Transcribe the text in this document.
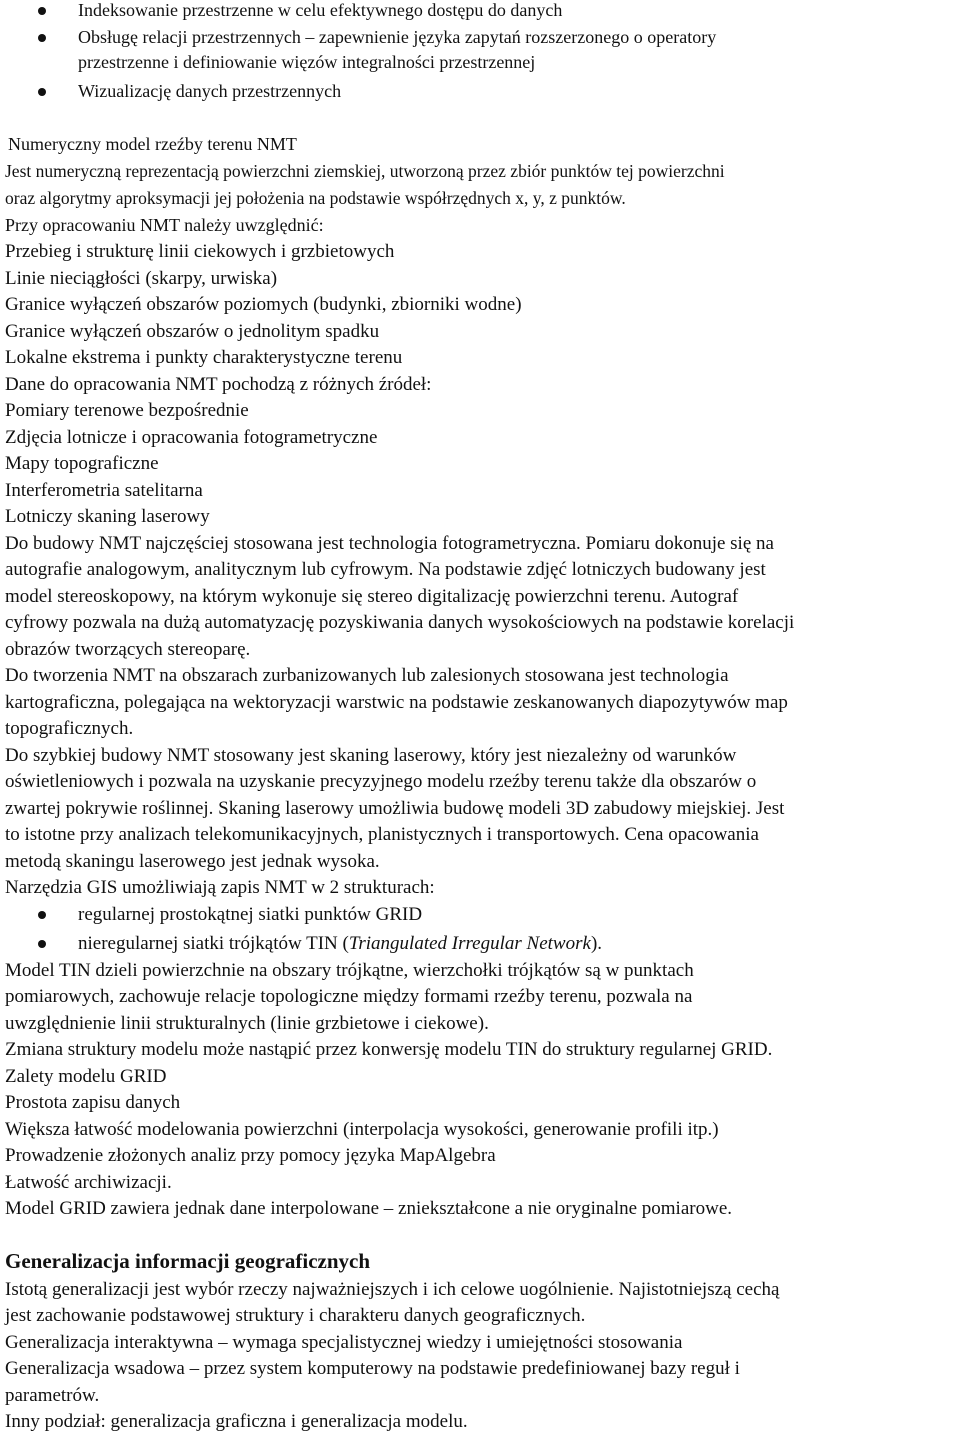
Indeksowanie przestrzenne w celu efektywnego dostępu do danych
Obsługę relacji przestrzennych – zapewnienie języka zapytań rozszerzonego o operatory
przestrzenne i definiowanie więzów integralności przestrzennej
Wizualizację danych przestrzennych
Numeryczny model rzeźby terenu NMT
Jest numeryczną reprezentacją powierzchni ziemskiej, utworzoną przez zbiór punktów tej powierzchni
oraz algorytmy aproksymacji jej położenia na podstawie współrzędnych x, y, z punktów.
Przy opracowaniu NMT należy uwzględnić:
Przebieg i strukturę linii ciekowych i grzbietowych
Linie nieciągłości (skarpy, urwiska)
Granice wyłączeń obszarów poziomych (budynki, zbiorniki wodne)
Granice wyłączeń obszarów o jednolitym spadku
Lokalne ekstrema i punkty charakterystyczne terenu
Dane do opracowania NMT pochodzą z różnych źródeł:
Pomiary terenowe bezpośrednie
Zdjęcia lotnicze i opracowania fotogrametryczne
Mapy topograficzne
Interferometria satelitarna
Lotniczy skaning laserowy
Do budowy NMT najczęściej stosowana jest technologia fotogrametryczna. Pomiaru dokonuje się na
autografie analogowym, analitycznym lub cyfrowym. Na podstawie zdjęć lotniczych budowany jest
model stereoskopowy, na którym wykonuje się stereo digitalizację powierzchni terenu. Autograf
cyfrowy pozwala na dużą automatyzację pozyskiwania danych wysokościowych na podstawie korelacji
obrazów tworzących stereoparę.
Do tworzenia NMT na obszarach zurbanizowanych lub zalesionych stosowana jest technologia
kartograficzna, polegająca na wektoryzacji warstwic na podstawie zeskanowanych diapozytywów map
topograficznych.
Do szybkiej budowy NMT stosowany jest skaning laserowy, który jest niezależny od warunków
oświetleniowych i pozwala na uzyskanie precyzyjnego modelu rzeźby terenu także dla obszarów o
zwartej pokrywie roślinnej. Skaning laserowy umożliwia budowę modeli 3D zabudowy miejskiej. Jest
to istotne przy analizach telekomunikacyjnych, planistycznych i transportowych. Cena opacowania
metodą skaningu laserowego jest jednak wysoka.
Narzędzia GIS umożliwiają zapis NMT w 2 strukturach:
regularnej prostokątnej siatki punktów GRID
nieregularnej siatki trójkątów TIN (Triangulated Irregular Network).
Model TIN dzieli powierzchnie na obszary trójkątne, wierzchołki trójkątów są w punktach
pomiarowych, zachowuje relacje topologiczne między formami rzeźby terenu, pozwala na
uwzględnienie linii strukturalnych (linie grzbietowe i ciekowe).
Zmiana struktury modelu może nastąpić przez konwersję modelu TIN do struktury regularnej GRID.
Zalety modelu GRID
Prostota zapisu danych
Większa łatwość modelowania powierzchni (interpolacja wysokości, generowanie profili itp.)
Prowadzenie złożonych analiz przy pomocy języka MapAlgebra
Łatwość archiwizacji.
Model GRID zawiera jednak dane interpolowane – zniekształcone a nie oryginalne pomiarowe.
Generalizacja informacji geograficznych
Istotą generalizacji jest wybór rzeczy najważniejszych i ich celowe uogólnienie. Najistotniejszą cechą
jest zachowanie podstawowej struktury i charakteru danych geograficznych.
Generalizacja interaktywna – wymaga specjalistycznej wiedzy i umiejętności stosowania
Generalizacja wsadowa – przez system komputerowy na podstawie predefiniowanej bazy reguł i
parametrów.
Inny podział: generalizacja graficzna i generalizacja modelu.
